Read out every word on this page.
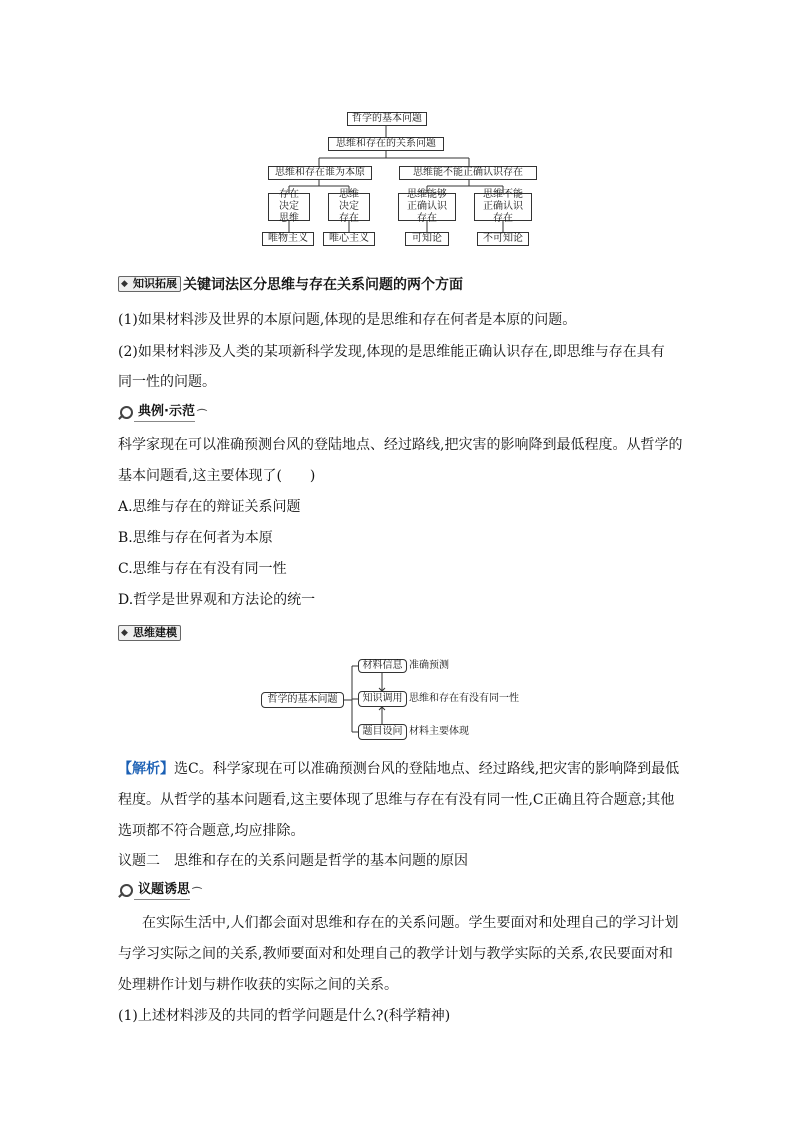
哲学的基本问题
思维和存在的关系问题
思维和存在谁为本原	思维能不能正确认识存在
存在决定思维
思维决定存在
思维能够正确认识存在
思维不能正确认识存在
唯物主义	唯心主义	可知论	不可知论
◆ 知识拓展 关键词法区分思维与存在关系问题的两个方面
(1)如果材料涉及世界的本原问题,体现的是思维和存在何者是本原的问题。
(2)如果材料涉及人类的某项新科学发现,体现的是思维能正确认识存在,即思维与存在具有
同一性的问题。
典例·示范 ⌒
科学家现在可以准确预测台风的登陆地点、经过路线,把灾害的影响降到最低程度。从哲学的
基本问题看,这主要体现了(　　)
A.思维与存在的辩证关系问题
B.思维与存在何者为本原
C.思维与存在有没有同一性
D.哲学是世界观和方法论的统一
◆ 思维建模
哲学的基本问题
材料信息 准确预测
知识调用 思维和存在有没有同一性
题目设问 材料主要体现
【解析】选C。科学家现在可以准确预测台风的登陆地点、经过路线,把灾害的影响降到最低
程度。从哲学的基本问题看,这主要体现了思维与存在有没有同一性,C正确且符合题意;其他
选项都不符合题意,均应排除。
议题二　思维和存在的关系问题是哲学的基本问题的原因
议题诱思 ⌒
在实际生活中,人们都会面对思维和存在的关系问题。学生要面对和处理自己的学习计划
与学习实际之间的关系,教师要面对和处理自己的教学计划与教学实际的关系,农民要面对和
处理耕作计划与耕作收获的实际之间的关系。
(1)上述材料涉及的共同的哲学问题是什么?(科学精神)
